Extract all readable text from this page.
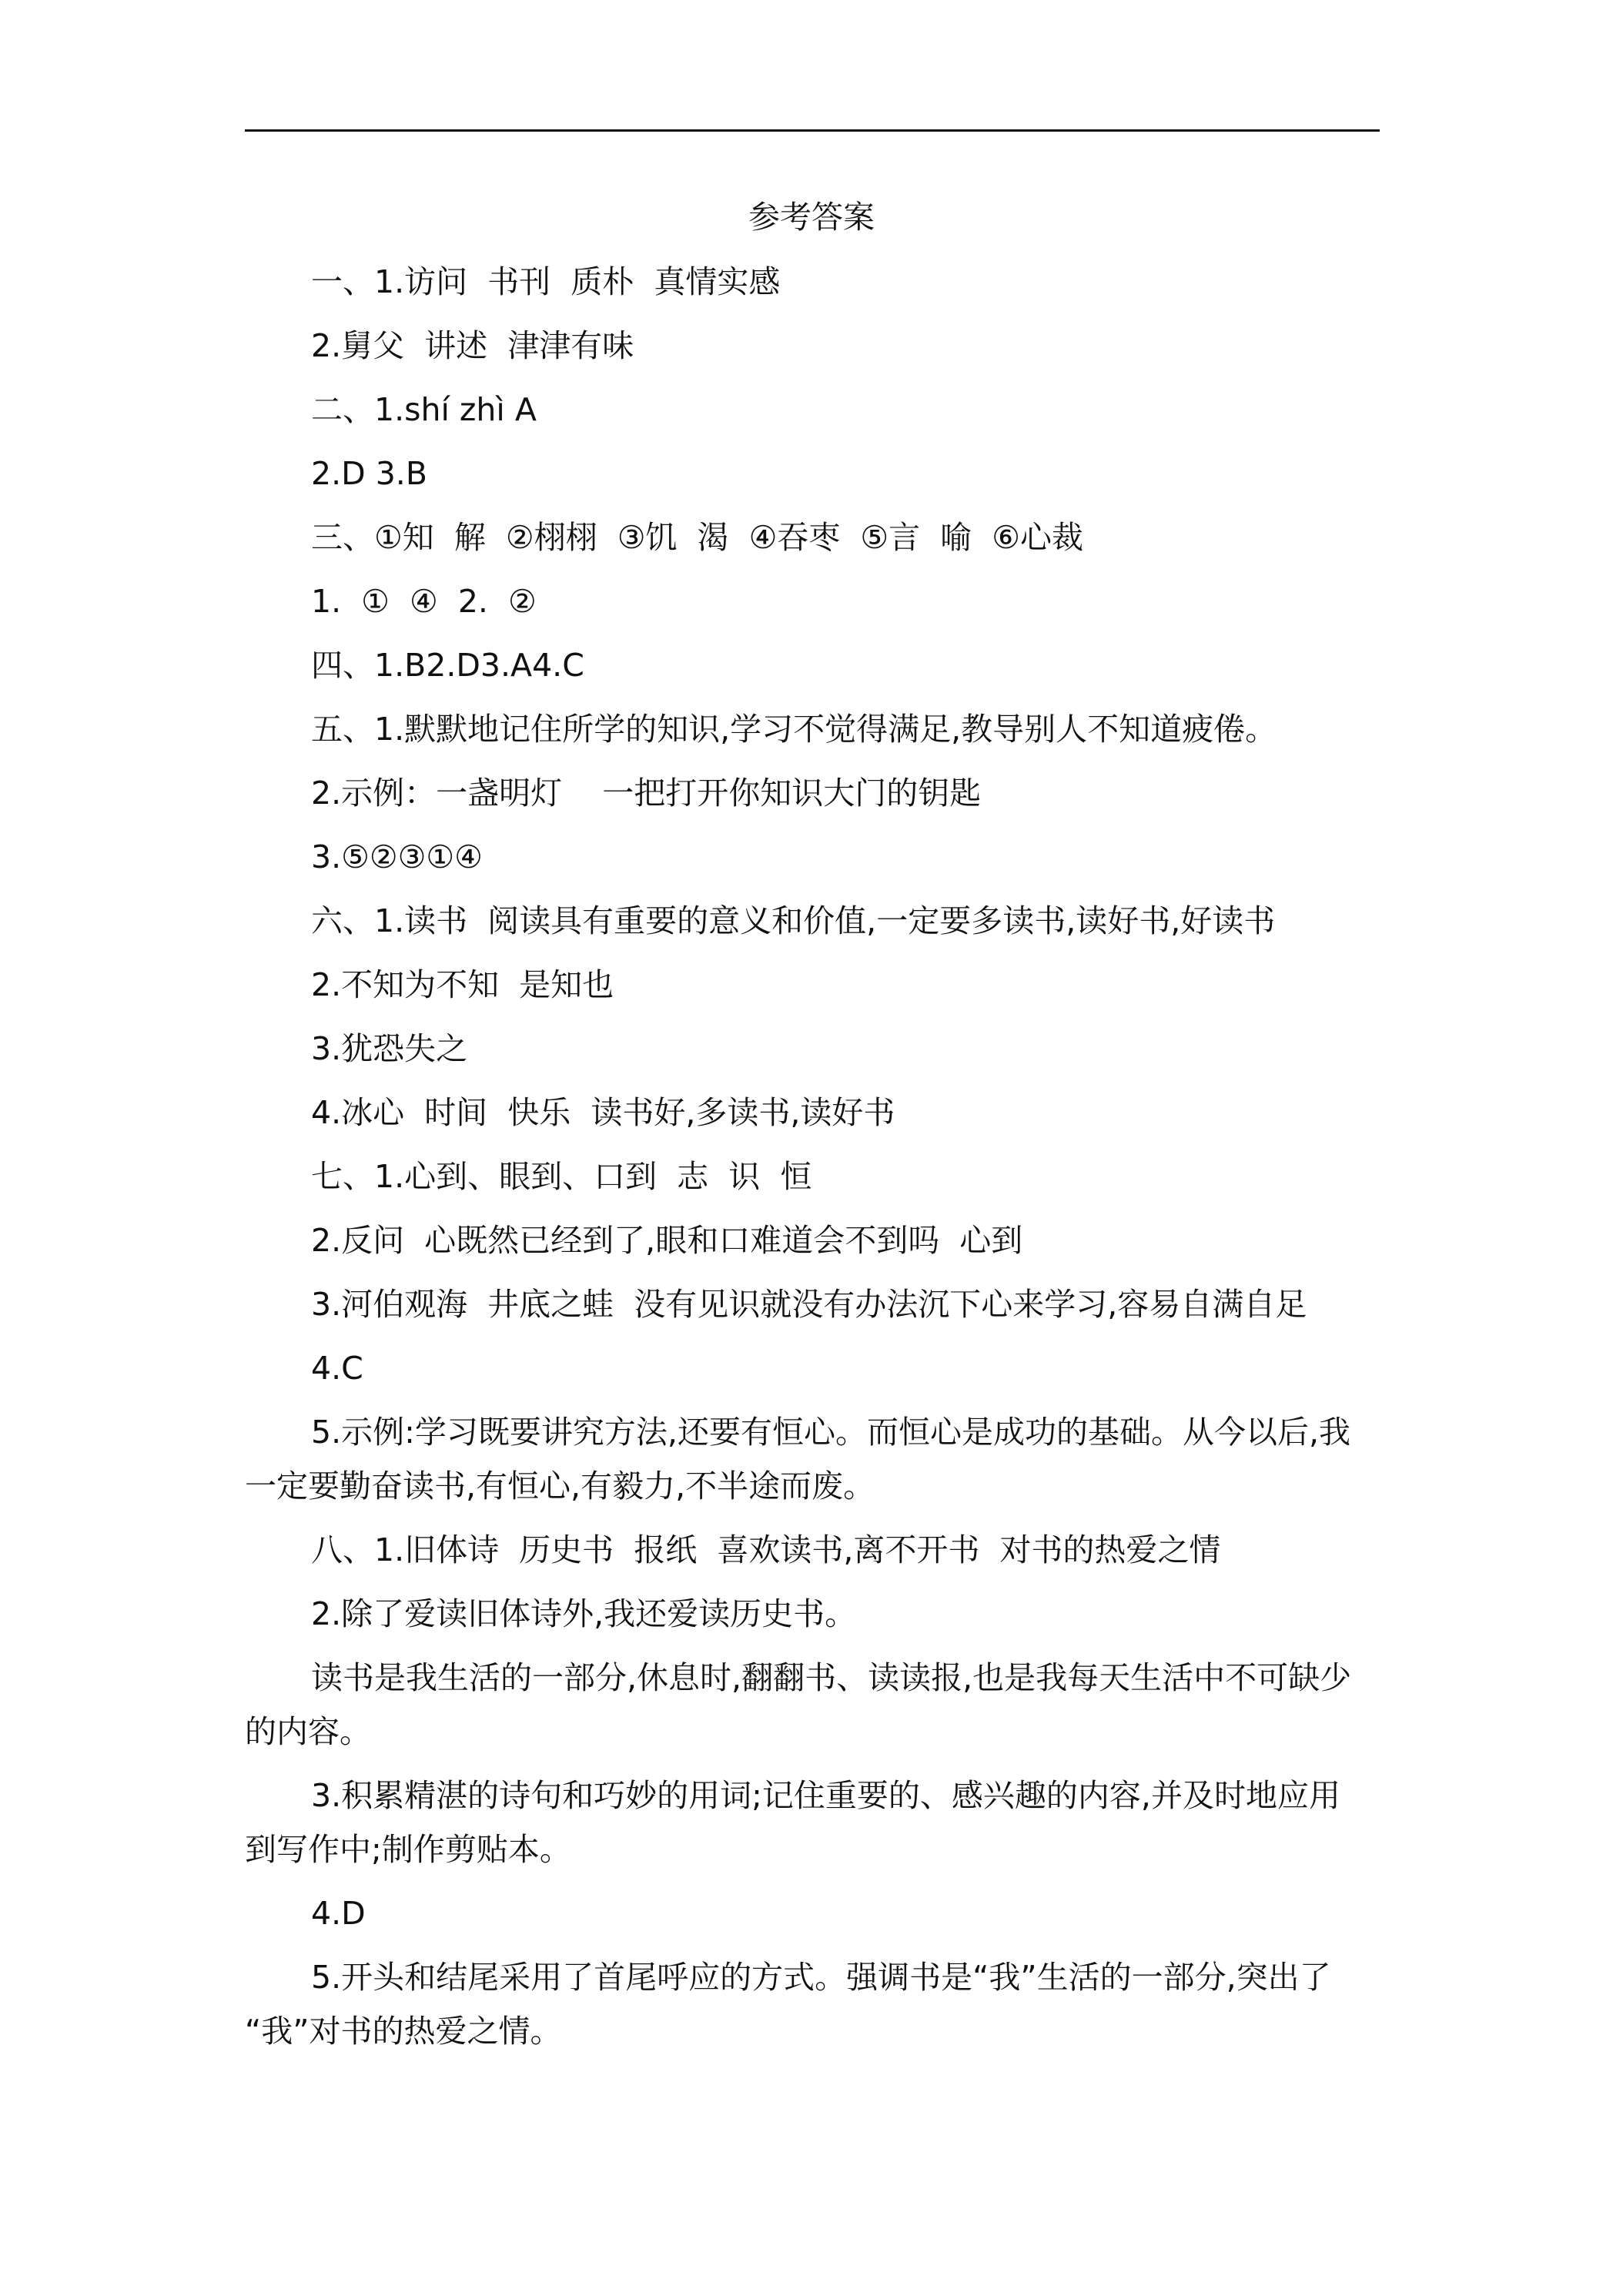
参考答案
一、1.访问  书刊  质朴  真情实感
2.舅父  讲述  津津有味
二、1.shí zhì A
2.D 3.B
三、①知  解  ②栩栩  ③饥  渴  ④吞枣  ⑤言  喻  ⑥心裁
1.  ①  ④  2.  ②
四、1.B2.D3.A4.C
五、1.默默地记住所学的知识,学习不觉得满足,教导别人不知道疲倦。
2.示例：一盏明灯    一把打开你知识大门的钥匙
3.⑤②③①④
六、1.读书  阅读具有重要的意义和价值,一定要多读书,读好书,好读书
2.不知为不知  是知也
3.犹恐失之
4.冰心  时间  快乐  读书好,多读书,读好书
七、1.心到、眼到、口到  志  识  恒
2.反问  心既然已经到了,眼和口难道会不到吗  心到
3.河伯观海  井底之蛙  没有见识就没有办法沉下心来学习,容易自满自足
4.C
5.示例:学习既要讲究方法,还要有恒心。而恒心是成功的基础。从今以后,我
一定要勤奋读书,有恒心,有毅力,不半途而废。
八、1.旧体诗  历史书  报纸  喜欢读书,离不开书  对书的热爱之情
2.除了爱读旧体诗外,我还爱读历史书。
读书是我生活的一部分,休息时,翻翻书、读读报,也是我每天生活中不可缺少
的内容。
3.积累精湛的诗句和巧妙的用词;记住重要的、感兴趣的内容,并及时地应用
到写作中;制作剪贴本。
4.D
5.开头和结尾采用了首尾呼应的方式。强调书是“我”生活的一部分,突出了
“我”对书的热爱之情。
